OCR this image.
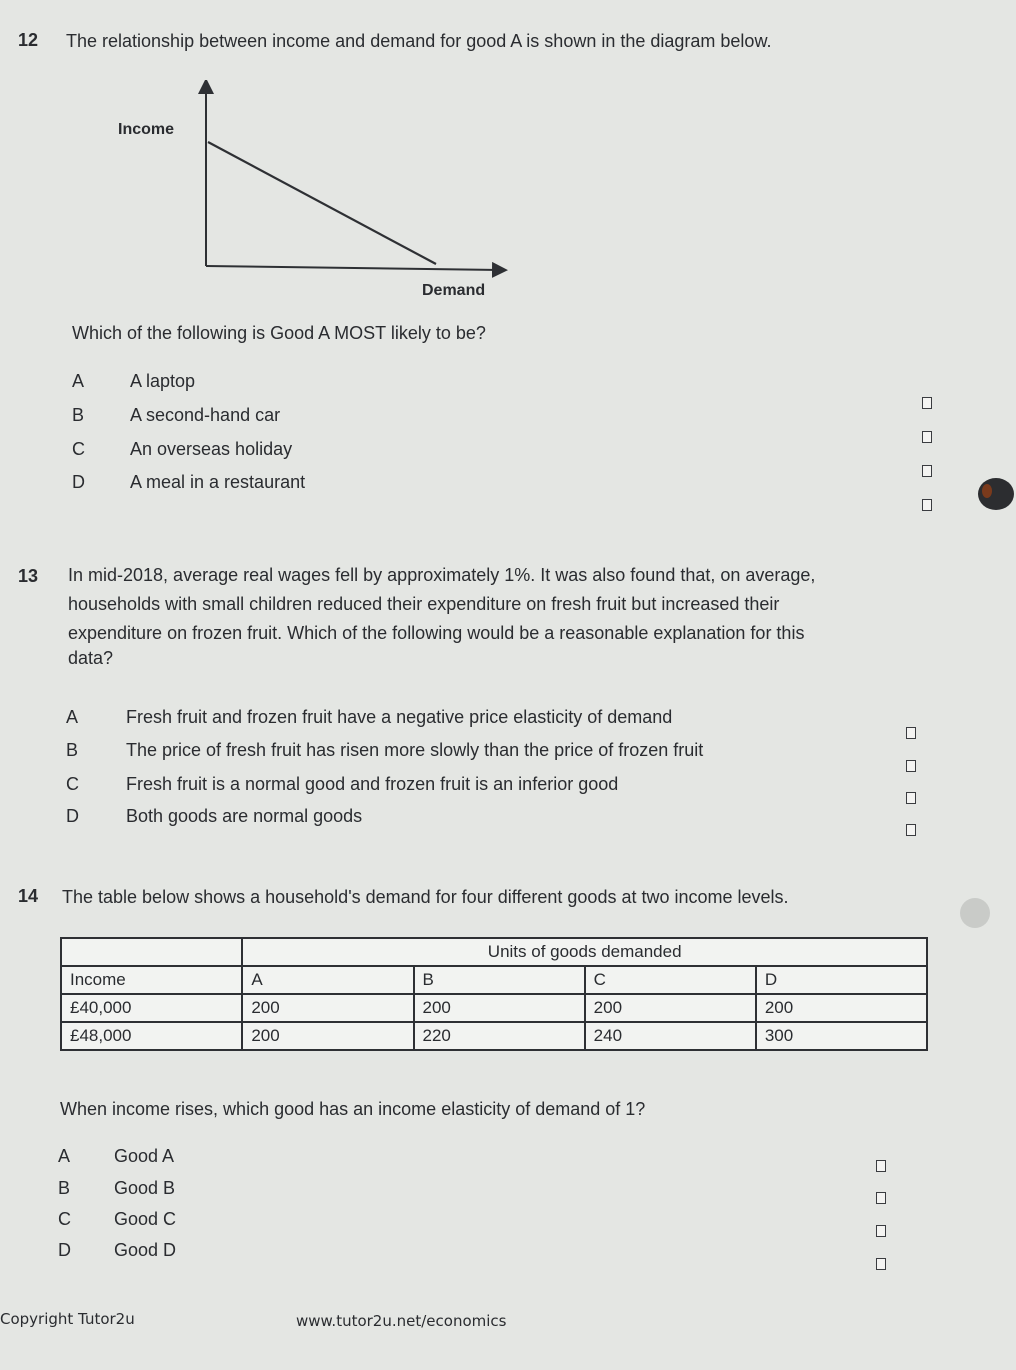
12 The relationship between income and demand for good A is shown in the diagram below.
Income
Demand
Which of the following is Good A MOST likely to be?
A	A laptop
B	A second-hand car
C	An overseas holiday
D	A meal in a restaurant
13 In mid-2018, average real wages fell by approximately 1%. It was also found that, on average,
households with small children reduced their expenditure on fresh fruit but increased their
expenditure on frozen fruit. Which of the following would be a reasonable explanation for this
data?
A	Fresh fruit and frozen fruit have a negative price elasticity of demand
B	The price of fresh fruit has risen more slowly than the price of frozen fruit
C	Fresh fruit is a normal good and frozen fruit is an inferior good
D	Both goods are normal goods
14 The table below shows a household's demand for four different goods at two income levels.
	Units of goods demanded			
Income	A	B	C	D
£40,000	200	200	200	200
£48,000	200	220	240	300
When income rises, which good has an income elasticity of demand of 1?
A	Good A
B	Good B
C	Good C
D	Good D
Copyright Tutor2u	www.tutor2u.net/economics
